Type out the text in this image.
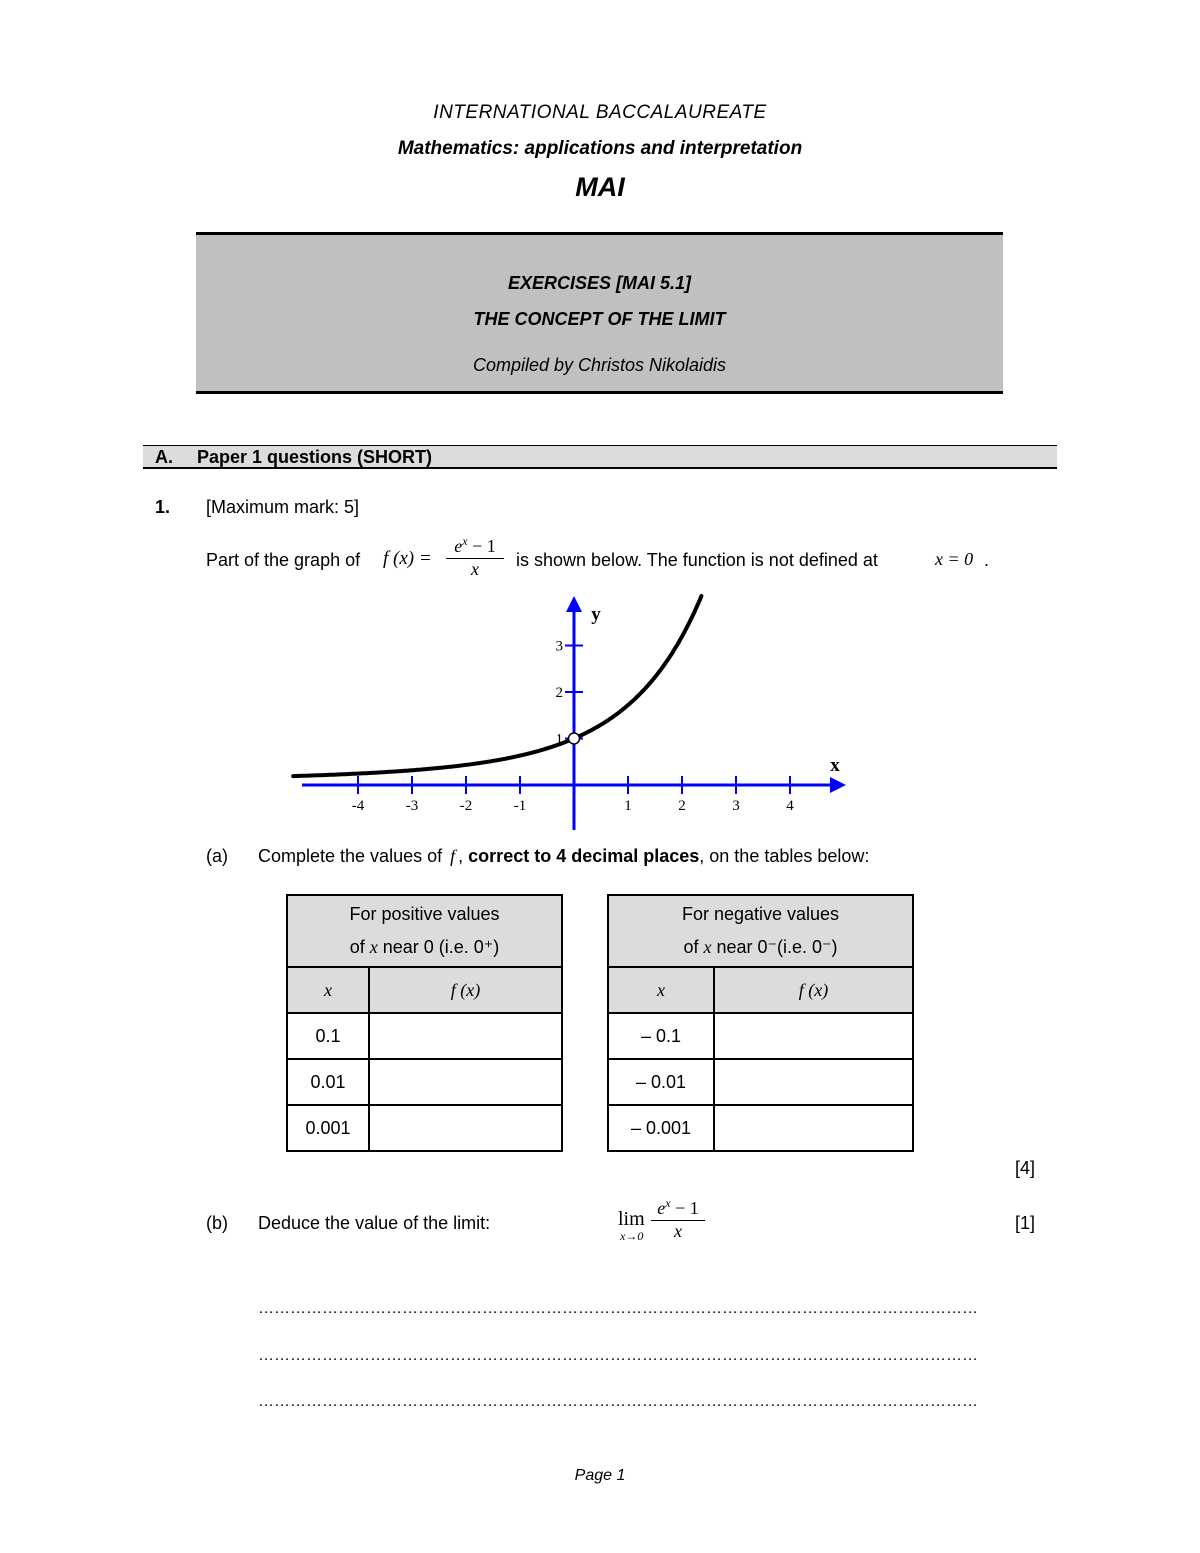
INTERNATIONAL BACCALAUREATE
Mathematics: applications and interpretation
MAI
EXERCISES [MAI 5.1]
THE CONCEPT OF THE LIMIT
Compiled by Christos Nikolaidis
A. Paper 1 questions (SHORT)
1. [Maximum mark: 5]
Part of the graph of f $(x) = \frac{e^x - 1}{x}$ is shown below. The function is not defined at	x = 0 .
-4	-3	-2	-1	1	2	3	4
1
2
3
x
y
(a) Complete the values of f , correct to 4 decimal places, on the tables below:
For positive values
of x near 0 (i.e. 0⁺)	

x	f (x)
0.1	
0.01	
0.001	
For negative values
of x near 0⁻(i.e. 0⁻)	

x	f (x)
– 0.1	
– 0.01	
– 0.001	
[4]
(b) Deduce the value of the limit:	lim
$x\to 0 \frac{e^x - 1}{x}$	[1]
………………………………………………………………………………………………………………………
………………………………………………………………………………………………………………………
………………………………………………………………………………………………………………………
Page 1
